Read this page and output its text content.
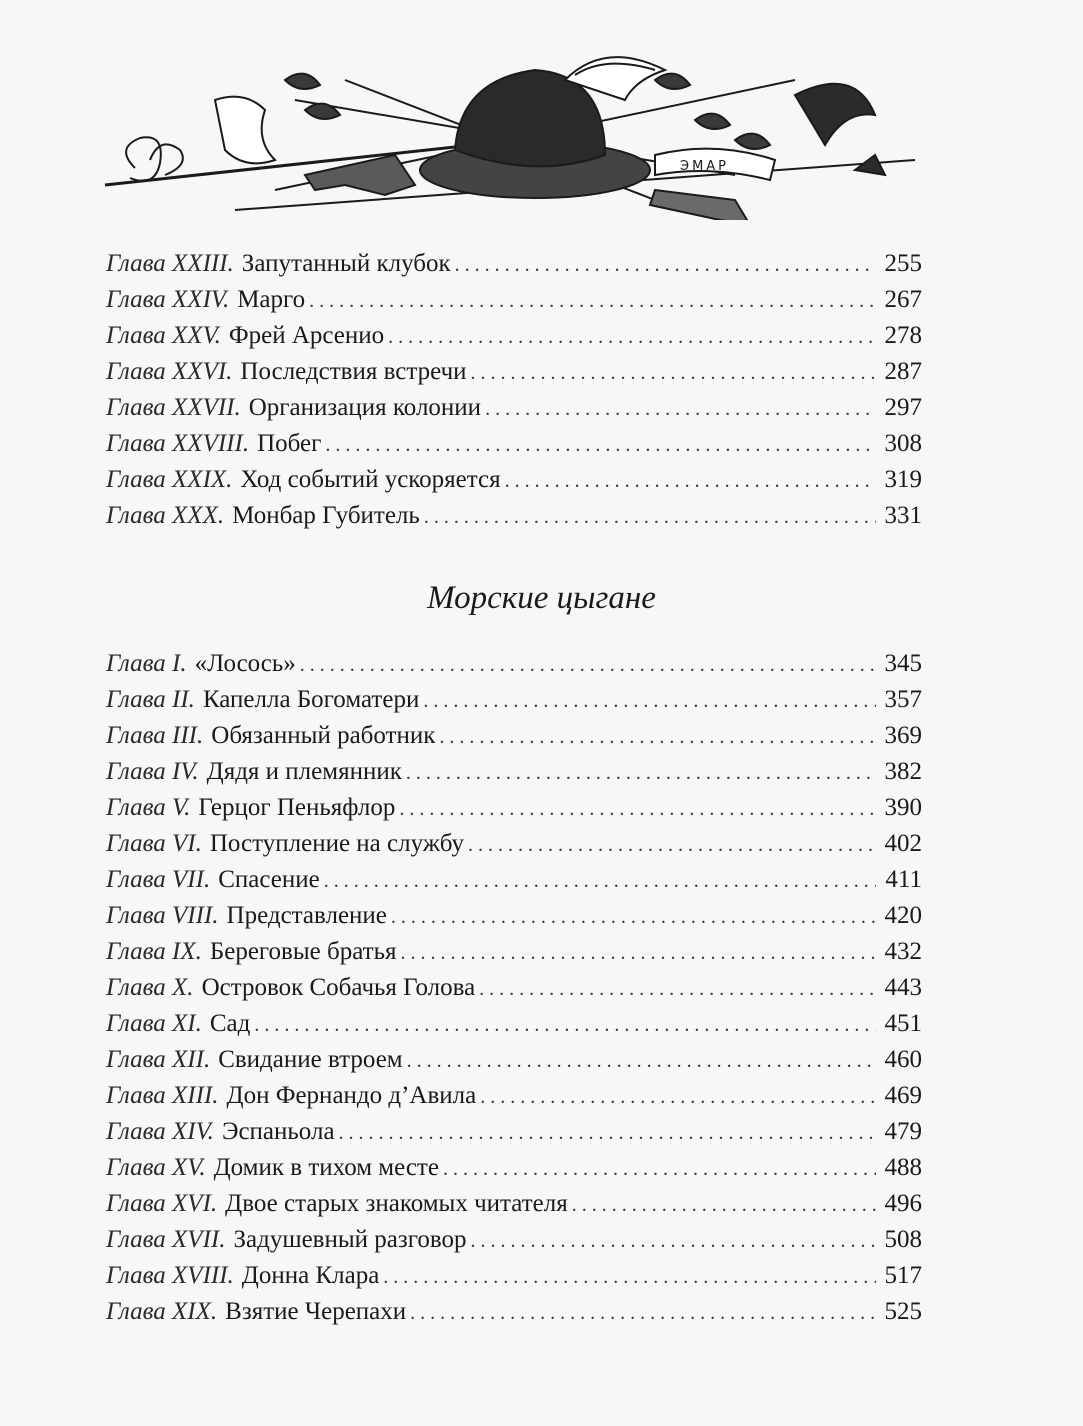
ЭМАР
Глава XXIII. Запутанный клубок . . .	255
Глава XXIV. Марго . . .	267
Глава XXV. Фрей Арсенио . . .	278
Глава XXVI. Последствия встречи . . .	287
Глава XXVII. Организация колонии . . .	297
Глава XXVIII. Побег . . .	308
Глава XXIX. Ход событий ускоряется . . .	319
Глава XXX. Монбар Губитель . . .	331
Морские цыгане
Глава I. «Лосось» . . .	345
Глава II. Капелла Богоматери . . .	357
Глава III. Обязанный работник . . .	369
Глава IV. Дядя и племянник . . .	382
Глава V. Герцог Пеньяфлор . . .	390
Глава VI. Поступление на службу . . .	402
Глава VII. Спасение . . .	411
Глава VIII. Представление . . .	420
Глава IX. Береговые братья . . .	432
Глава X. Островок Собачья Голова . . .	443
Глава XI. Сад . . .	451
Глава XII. Свидание втроем . . .	460
Глава XIII. Дон Фернандо д’Авила . . .	469
Глава XIV. Эспаньола . . .	479
Глава XV. Домик в тихом месте . . .	488
Глава XVI. Двое старых знакомых читателя . . .	496
Глава XVII. Задушевный разговор . . .	508
Глава XVIII. Донна Клара . . .	517
Глава XIX. Взятие Черепахи . . .	525
